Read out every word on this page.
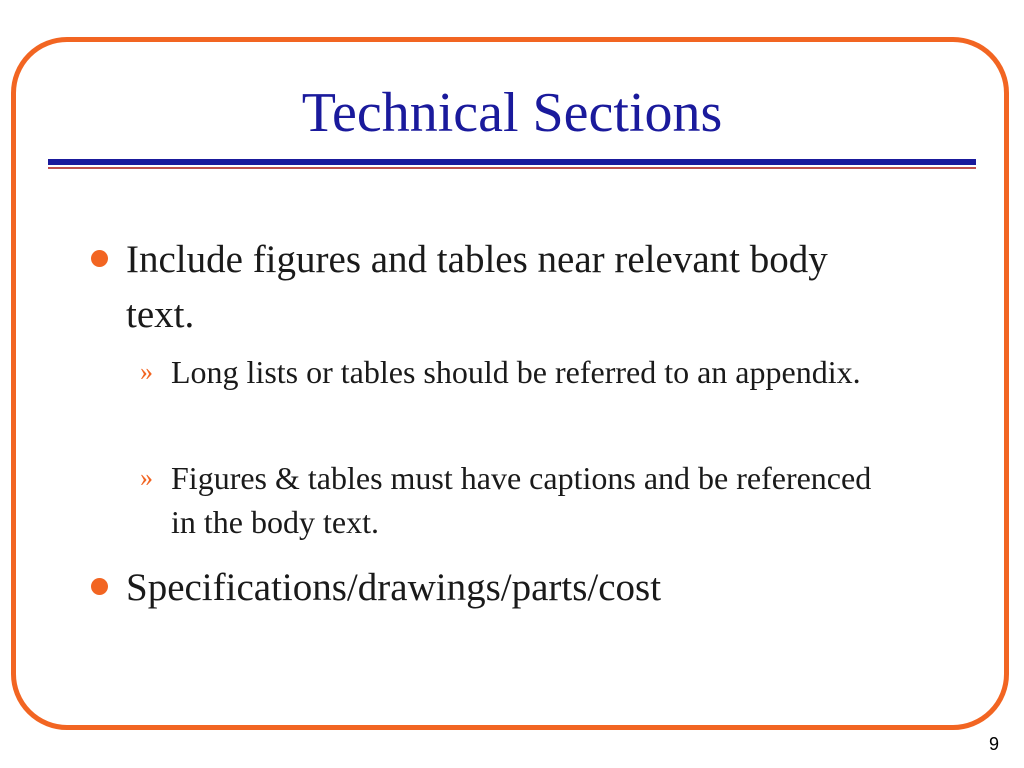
Technical Sections
Include figures and tables near relevant body text.
» Long lists or tables should be referred to an appendix.
» Figures & tables must have captions and be referenced in the body text.
Specifications/drawings/parts/cost
9
